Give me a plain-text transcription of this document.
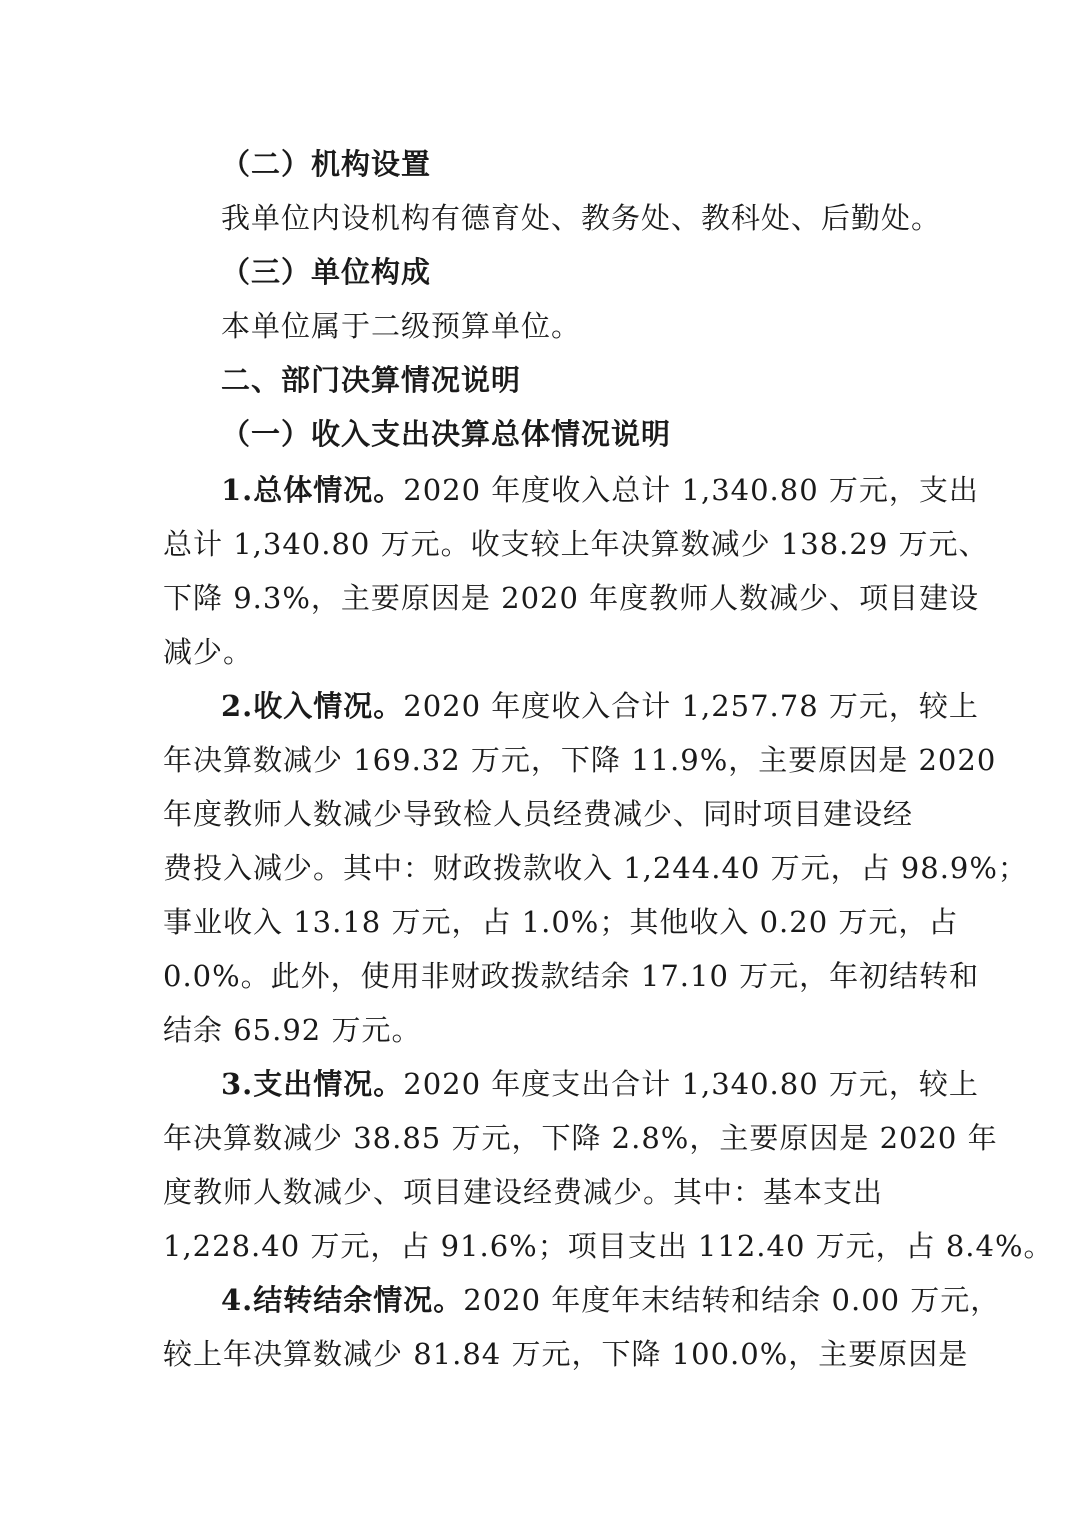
（二）机构设置
我单位内设机构有德育处、教务处、教科处、后勤处。
（三）单位构成
本单位属于二级预算单位。
二、部门决算情况说明
（一）收入支出决算总体情况说明
1.总体情况。2020 年度收入总计 1,340.80 万元，支出
总计 1,340.80 万元。收支较上年决算数减少 138.29 万元、
下降 9.3%，主要原因是 2020 年度教师人数减少、项目建设
减少。
2.收入情况。2020 年度收入合计 1,257.78 万元，较上
年决算数减少 169.32 万元，下降 11.9%，主要原因是 2020
年度教师人数减少导致检人员经费减少、同时项目建设经
费投入减少。其中：财政拨款收入 1,244.40 万元，占 98.9%；
事业收入 13.18 万元，占 1.0%；其他收入 0.20 万元，占
0.0%。此外，使用非财政拨款结余 17.10 万元，年初结转和
结余 65.92 万元。
3.支出情况。2020 年度支出合计 1,340.80 万元，较上
年决算数减少 38.85 万元，下降 2.8%，主要原因是 2020 年
度教师人数减少、项目建设经费减少。其中：基本支出
1,228.40 万元，占 91.6%；项目支出 112.40 万元，占 8.4%。
4.结转结余情况。2020 年度年末结转和结余 0.00 万元，
较上年决算数减少 81.84 万元，下降 100.0%，主要原因是
